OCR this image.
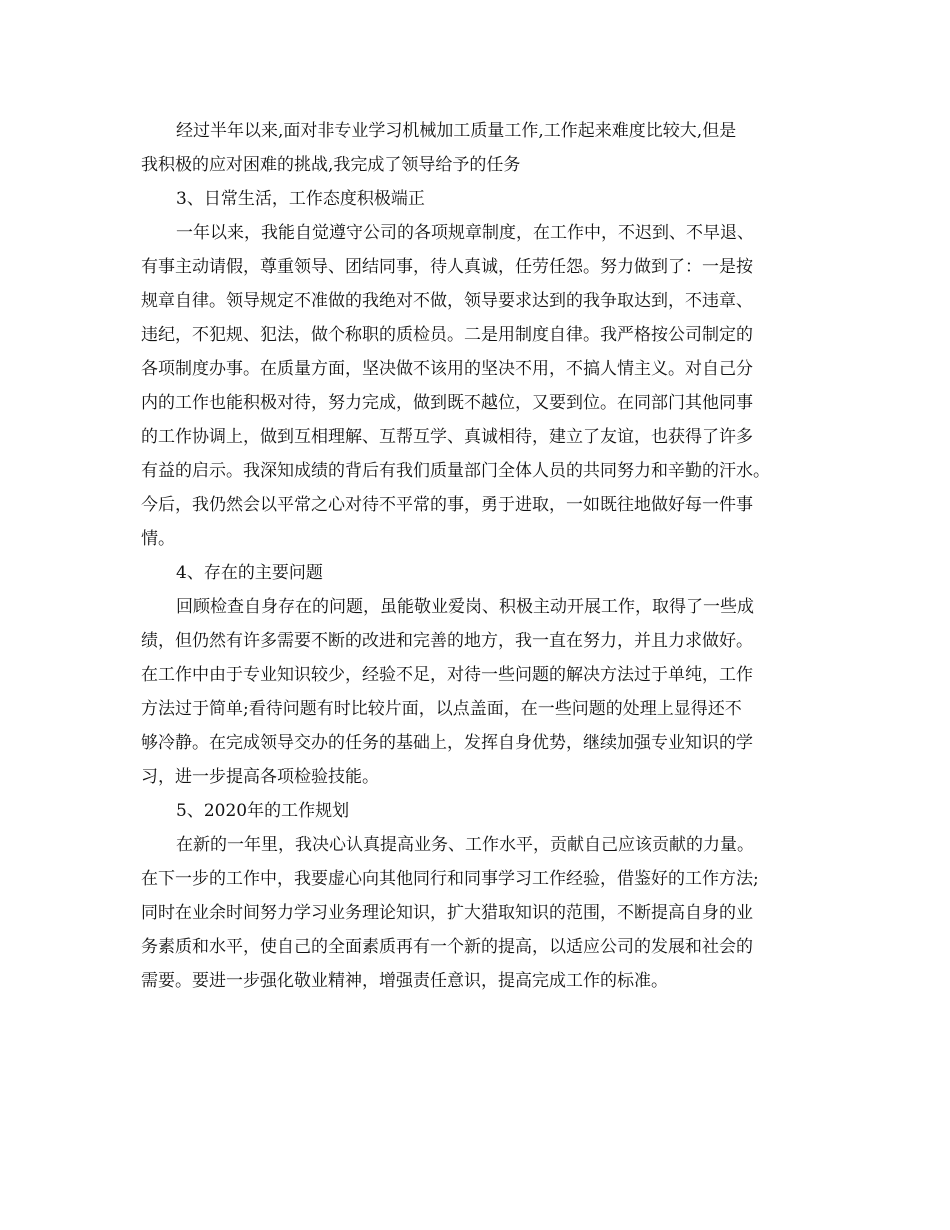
经过半年以来,面对非专业学习机械加工质量工作,工作起来难度比较大,但是
我积极的应对困难的挑战,我完成了领导给予的任务
3、日常生活，工作态度积极端正
一年以来，我能自觉遵守公司的各项规章制度，在工作中，不迟到、不早退、
有事主动请假，尊重领导、团结同事，待人真诚，任劳任怨。努力做到了：一是按
规章自律。领导规定不准做的我绝对不做，领导要求达到的我争取达到，不违章、
违纪，不犯规、犯法，做个称职的质检员。二是用制度自律。我严格按公司制定的
各项制度办事。在质量方面，坚决做不该用的坚决不用，不搞人情主义。对自己分
内的工作也能积极对待，努力完成，做到既不越位，又要到位。在同部门其他同事
的工作协调上，做到互相理解、互帮互学、真诚相待，建立了友谊，也获得了许多
有益的启示。我深知成绩的背后有我们质量部门全体人员的共同努力和辛勤的汗水。
今后，我仍然会以平常之心对待不平常的事，勇于进取，一如既往地做好每一件事
情。
4、存在的主要问题
回顾检查自身存在的问题，虽能敬业爱岗、积极主动开展工作，取得了一些成
绩，但仍然有许多需要不断的改进和完善的地方，我一直在努力，并且力求做好。
在工作中由于专业知识较少，经验不足，对待一些问题的解决方法过于单纯，工作
方法过于简单;看待问题有时比较片面，以点盖面，在一些问题的处理上显得还不
够冷静。在完成领导交办的任务的基础上，发挥自身优势，继续加强专业知识的学
习，进一步提高各项检验技能。
5、2020年的工作规划
在新的一年里，我决心认真提高业务、工作水平，贡献自己应该贡献的力量。
在下一步的工作中，我要虚心向其他同行和同事学习工作经验，借鉴好的工作方法;
同时在业余时间努力学习业务理论知识，扩大猎取知识的范围，不断提高自身的业
务素质和水平，使自己的全面素质再有一个新的提高，以适应公司的发展和社会的
需要。要进一步强化敬业精神，增强责任意识，提高完成工作的标准。
